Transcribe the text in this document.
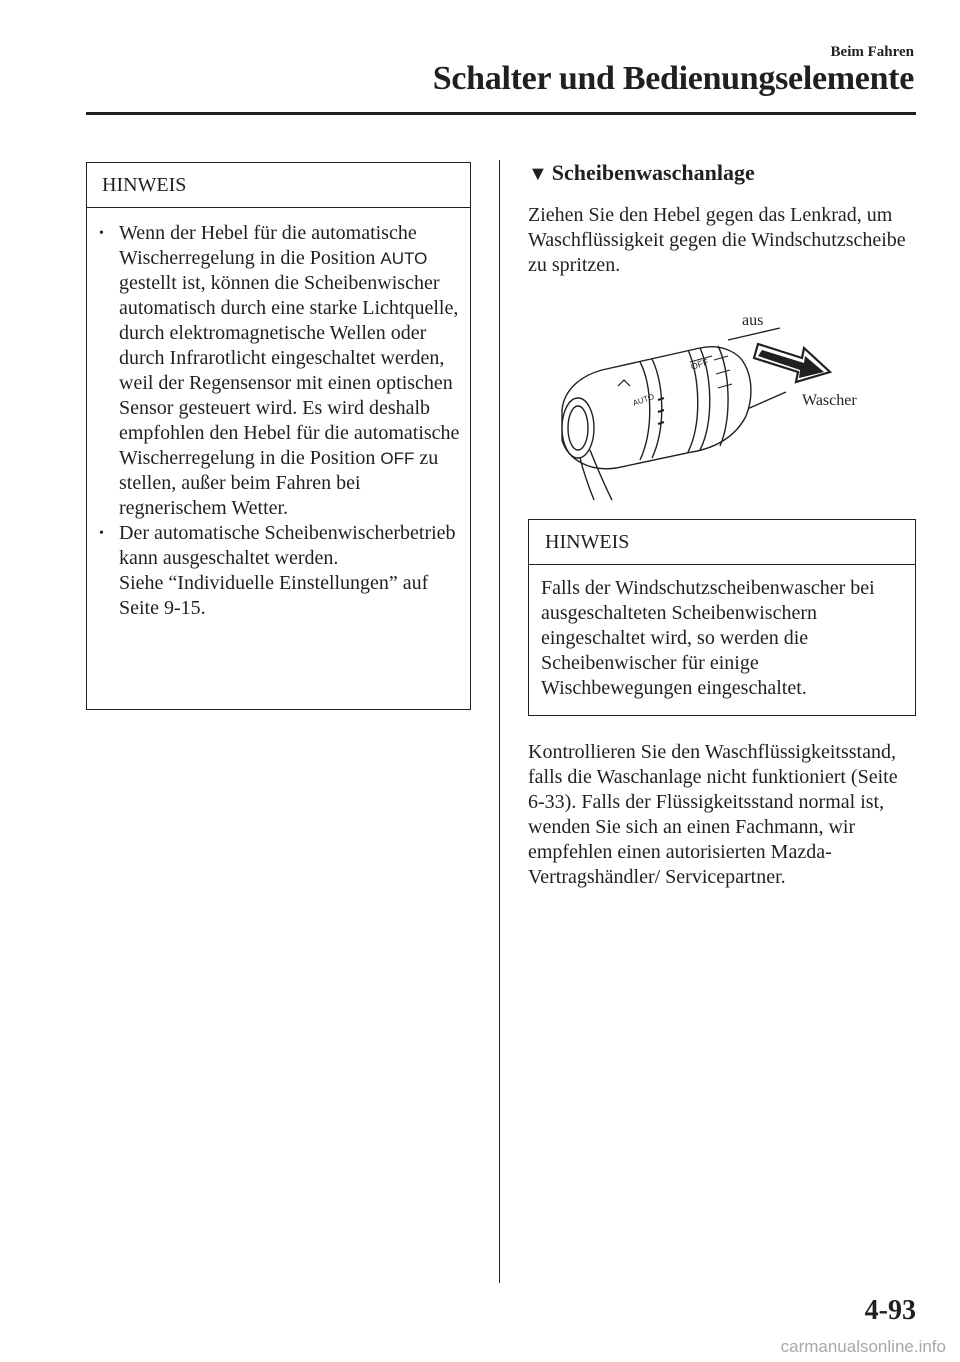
Beim Fahren
Schalter und Bedienungselemente
HINWEIS
• Wenn der Hebel für die automatische Wischerregelung in die Position AUTO gestellt ist, können die Scheibenwischer automatisch durch eine starke Lichtquelle, durch elektromagnetische Wellen oder durch Infrarotlicht eingeschaltet werden, weil der Regensensor mit einen optischen Sensor gesteuert wird. Es wird deshalb empfohlen den Hebel für die automatische Wischerregelung in die Position OFF zu stellen, außer beim Fahren bei regnerischem Wetter.
• Der automatische Scheibenwischerbetrieb kann ausgeschaltet werden.
Siehe “Individuelle Einstellungen” auf Seite 9-15.
▼ Scheibenwaschanlage

Ziehen Sie den Hebel gegen das Lenkrad, um Waschflüssigkeit gegen die Windschutzscheibe zu spritzen.

OFF
AUTO
aus
Wascher
HINWEIS

Falls der Windschutzscheibenwascher bei ausgeschalteten Scheibenwischern eingeschaltet wird, so werden die Scheibenwischer für einige Wischbewegungen eingeschaltet.

Kontrollieren Sie den Waschflüssigkeitsstand, falls die Waschanlage nicht funktioniert (Seite 6-33). Falls der Flüssigkeitsstand normal ist, wenden Sie sich an einen Fachmann, wir empfehlen einen autorisierten Mazda-Vertragshändler/ Servicepartner.

4-93
carmanualsonline.info
